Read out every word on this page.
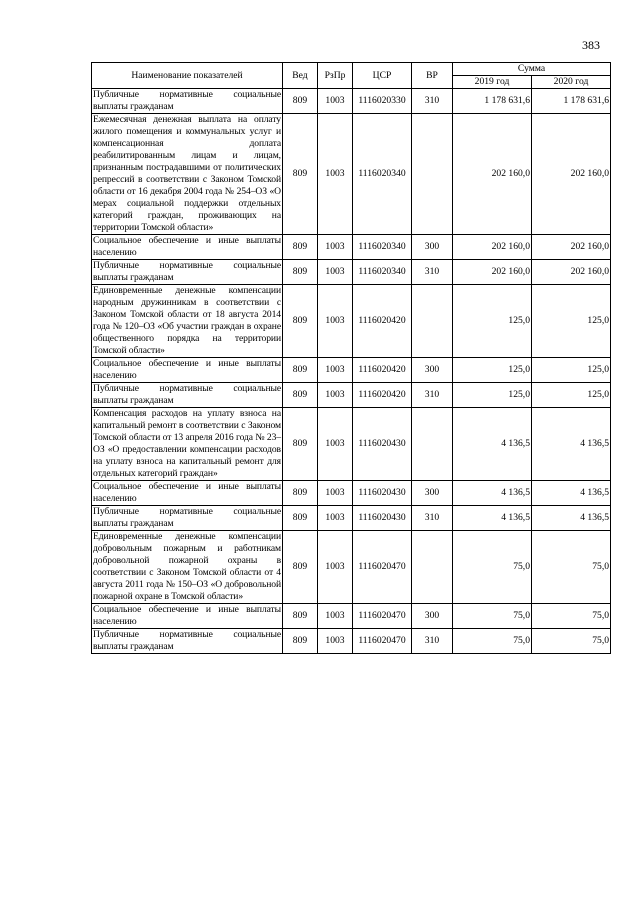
383
Наименование показателей	Вед	РзПр	ЦСР	ВР	Сумма	
					2019 год	2020 год
Публичные нормативные социальные выплаты гражданам	809	1003	1116020330	310	1 178 631,6	1 178 631,6
Ежемесячная денежная выплата на оплату жилого помещения и коммунальных услуг и компенсационная доплата реабилитированным лицам и лицам, признанным пострадавшими от политических репрессий в соответствии с Законом Томской области от 16 декабря 2004 года № 254–ОЗ «О мерах социальной поддержки отдельных категорий граждан, проживающих на территории Томской области»	809	1003	1116020340		202 160,0	202 160,0
Социальное обеспечение и иные выплаты населению	809	1003	1116020340	300	202 160,0	202 160,0
Публичные нормативные социальные выплаты гражданам	809	1003	1116020340	310	202 160,0	202 160,0
Единовременные денежные компенсации народным дружинникам в соответствии с Законом Томской области от 18 августа 2014 года № 120–ОЗ «Об участии граждан в охране общественного порядка на территории Томской области»	809	1003	1116020420		125,0	125,0
Социальное обеспечение и иные выплаты населению	809	1003	1116020420	300	125,0	125,0
Публичные нормативные социальные выплаты гражданам	809	1003	1116020420	310	125,0	125,0
Компенсация расходов на уплату взноса на капитальный ремонт в соответствии с Законом Томской области от 13 апреля 2016 года № 23–ОЗ «О предоставлении компенсации расходов на уплату взноса на капитальный ремонт для отдельных категорий граждан»	809	1003	1116020430		4 136,5	4 136,5
Социальное обеспечение и иные выплаты населению	809	1003	1116020430	300	4 136,5	4 136,5
Публичные нормативные социальные выплаты гражданам	809	1003	1116020430	310	4 136,5	4 136,5
Единовременные денежные компенсации добровольным пожарным и работникам добровольной пожарной охраны в соответствии с Законом Томской области от 4 августа 2011 года № 150–ОЗ «О добровольной пожарной охране в Томской области»	809	1003	1116020470		75,0	75,0
Социальное обеспечение и иные выплаты населению	809	1003	1116020470	300	75,0	75,0
Публичные нормативные социальные выплаты гражданам	809	1003	1116020470	310	75,0	75,0
